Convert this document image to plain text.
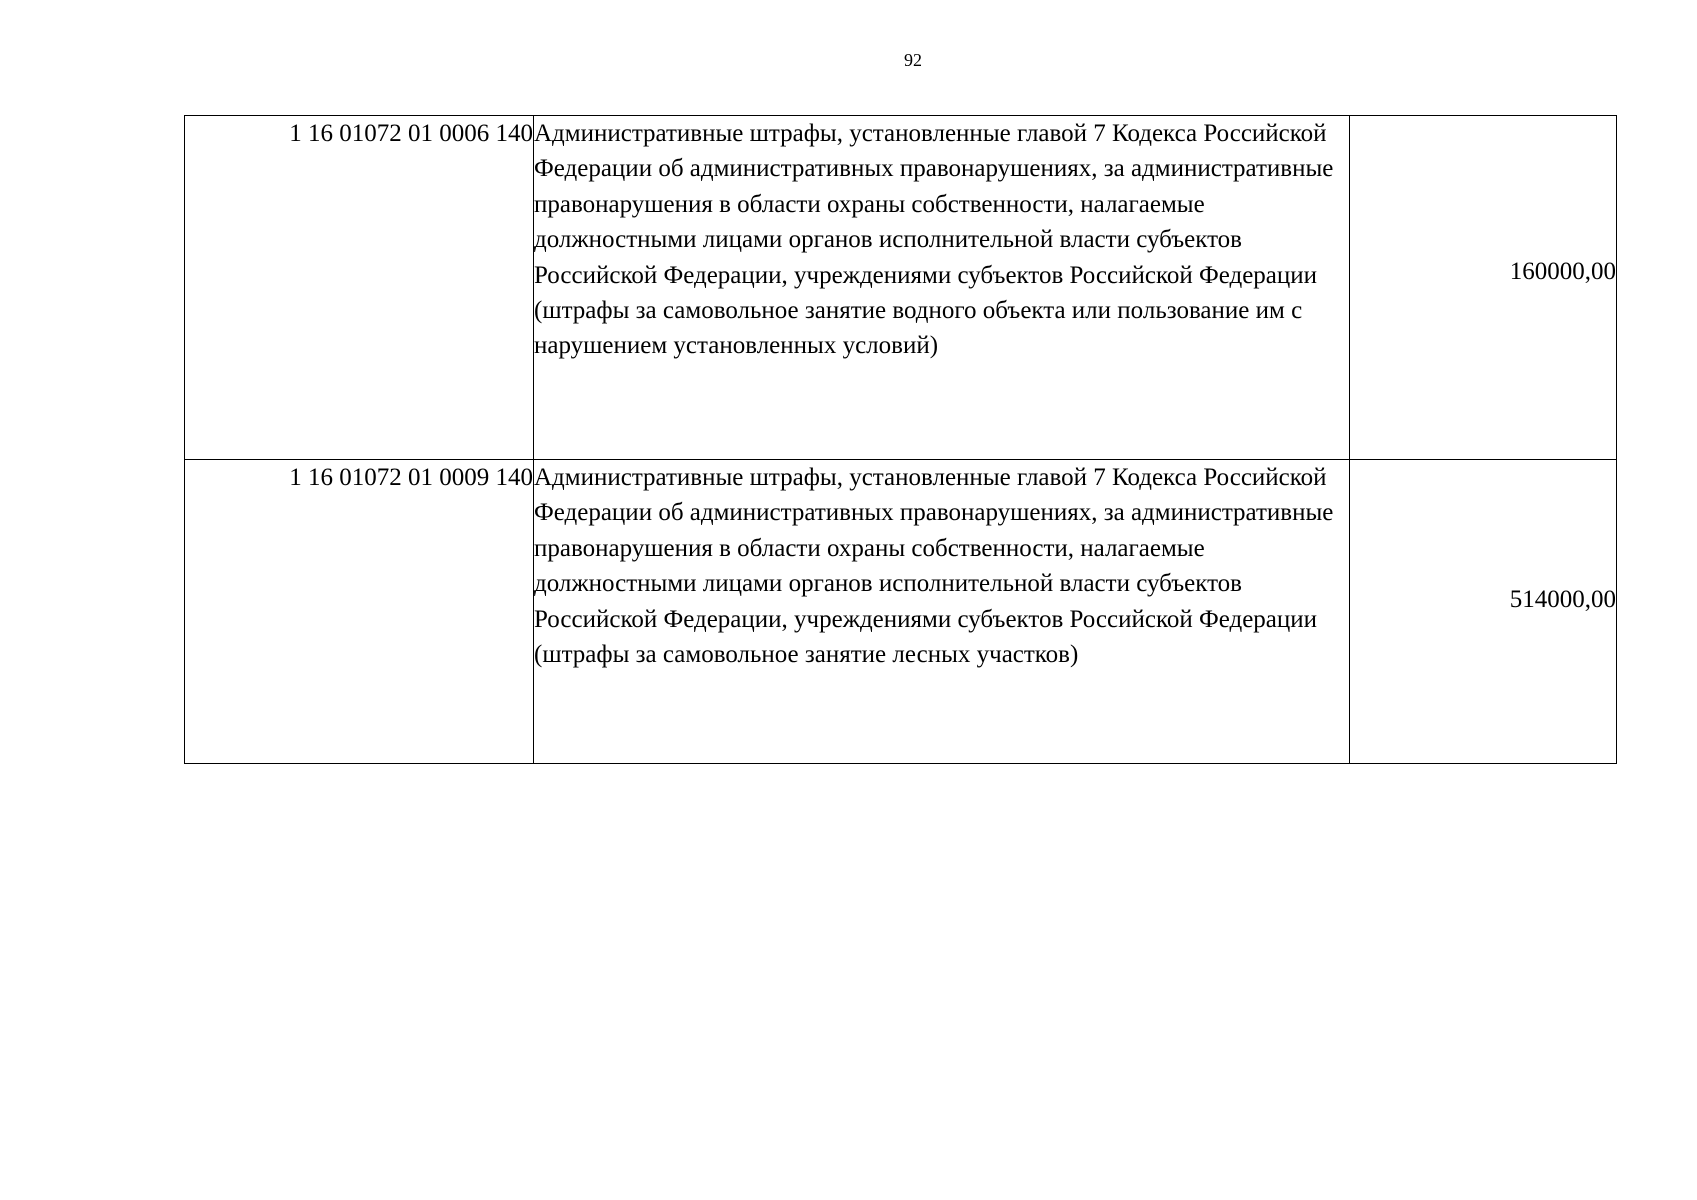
92
1 16 01072 01 0006 140	Административные штрафы, установленные главой 7 Кодекса Российской Федерации об административных правонарушениях, за административные правонарушения в области охраны собственности, налагаемые должностными лицами органов исполнительной власти субъектов Российской Федерации, учреждениями субъектов Российской Федерации (штрафы за самовольное занятие водного объекта или пользование им с нарушением установленных условий)	160000,00
1 16 01072 01 0009 140	Административные штрафы, установленные главой 7 Кодекса Российской Федерации об административных правонарушениях, за административные правонарушения в области охраны собственности, налагаемые должностными лицами органов исполнительной власти субъектов Российской Федерации, учреждениями субъектов Российской Федерации (штрафы за самовольное занятие лесных участков)	514000,00
